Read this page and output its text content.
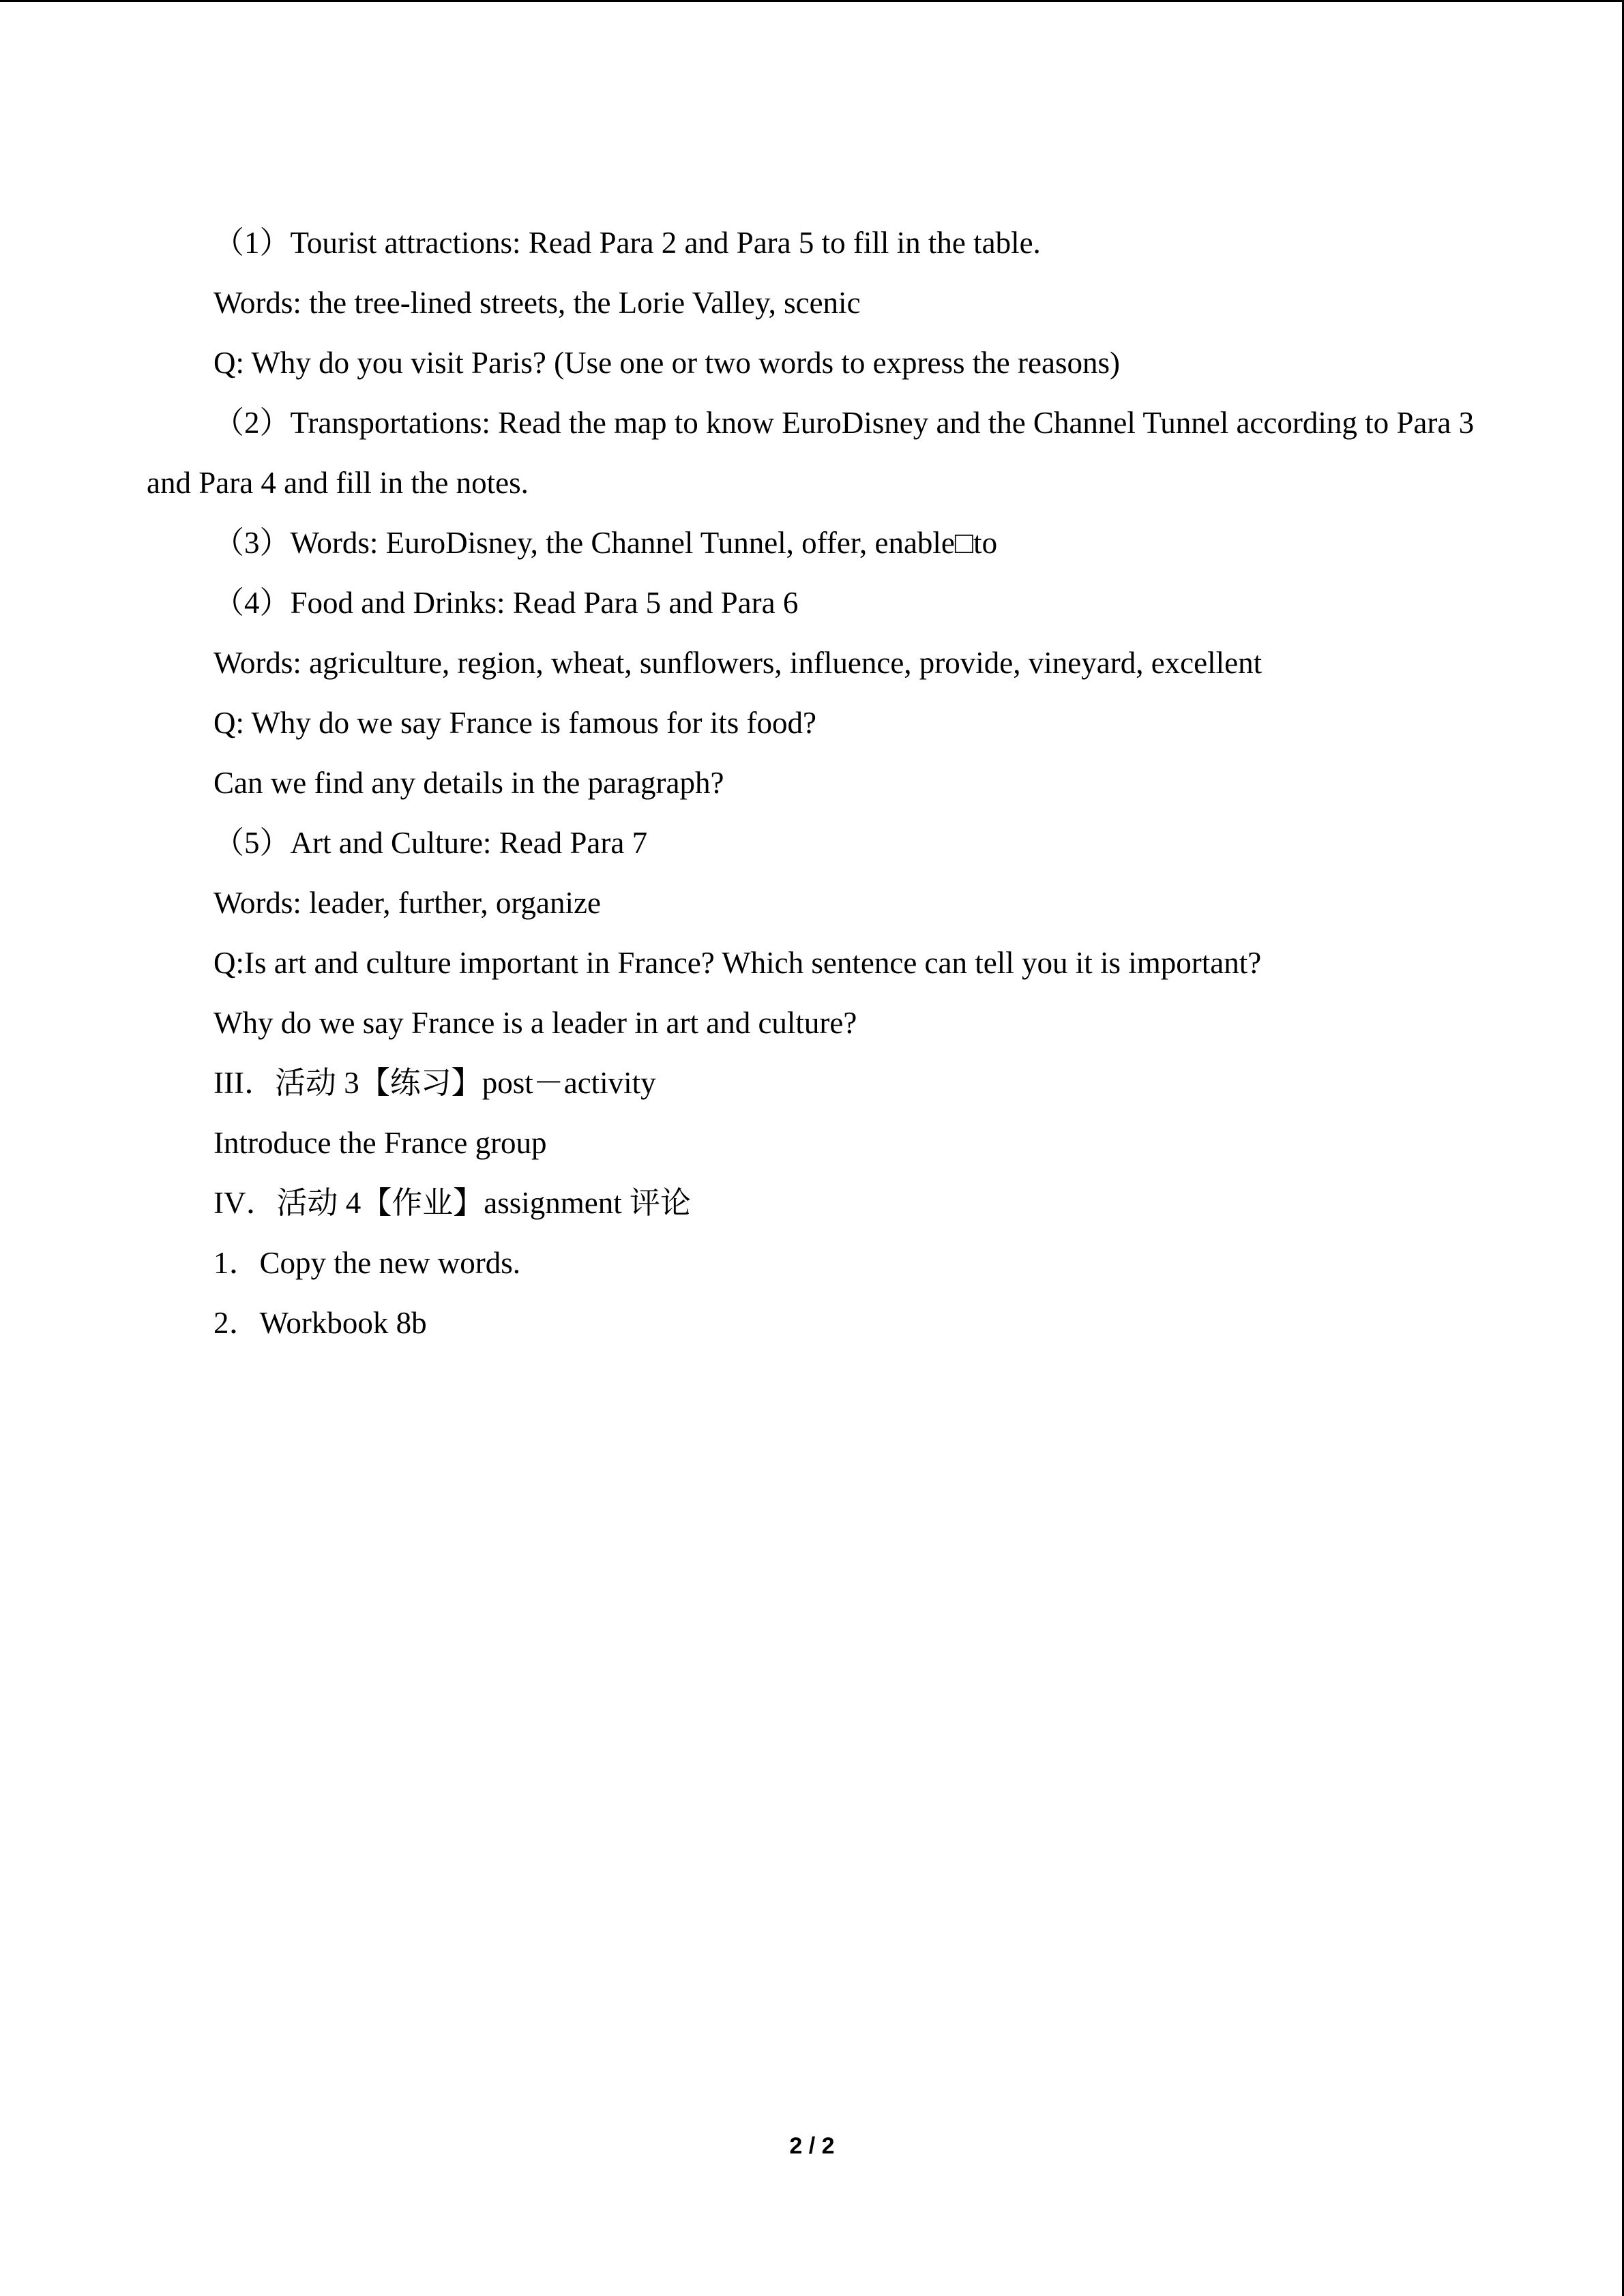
（1）Tourist attractions: Read Para 2 and Para 5 to fill in the table.
Words: the tree-lined streets, the Lorie Valley, scenic
Q: Why do you visit Paris? (Use one or two words to express the reasons)
（2）Transportations: Read the map to know EuroDisney and the Channel Tunnel according to Para 3 and Para 4 and fill in the notes.
（3）Words: EuroDisney, the Channel Tunnel, offer, enable□to
（4）Food and Drinks: Read Para 5 and Para 6
Words: agriculture, region, wheat, sunflowers, influence, provide, vineyard, excellent
Q: Why do we say France is famous for its food?
Can we find any details in the paragraph?
（5）Art and Culture: Read Para 7
Words: leader, further, organize
Q:Is art and culture important in France? Which sentence can tell you it is important?
Why do we say France is a leader in art and culture?
III．活动 3【练习】post－activity
Introduce the France group
IV．活动 4【作业】assignment 评论
1．Copy the new words.
2．Workbook 8b
2 / 2
